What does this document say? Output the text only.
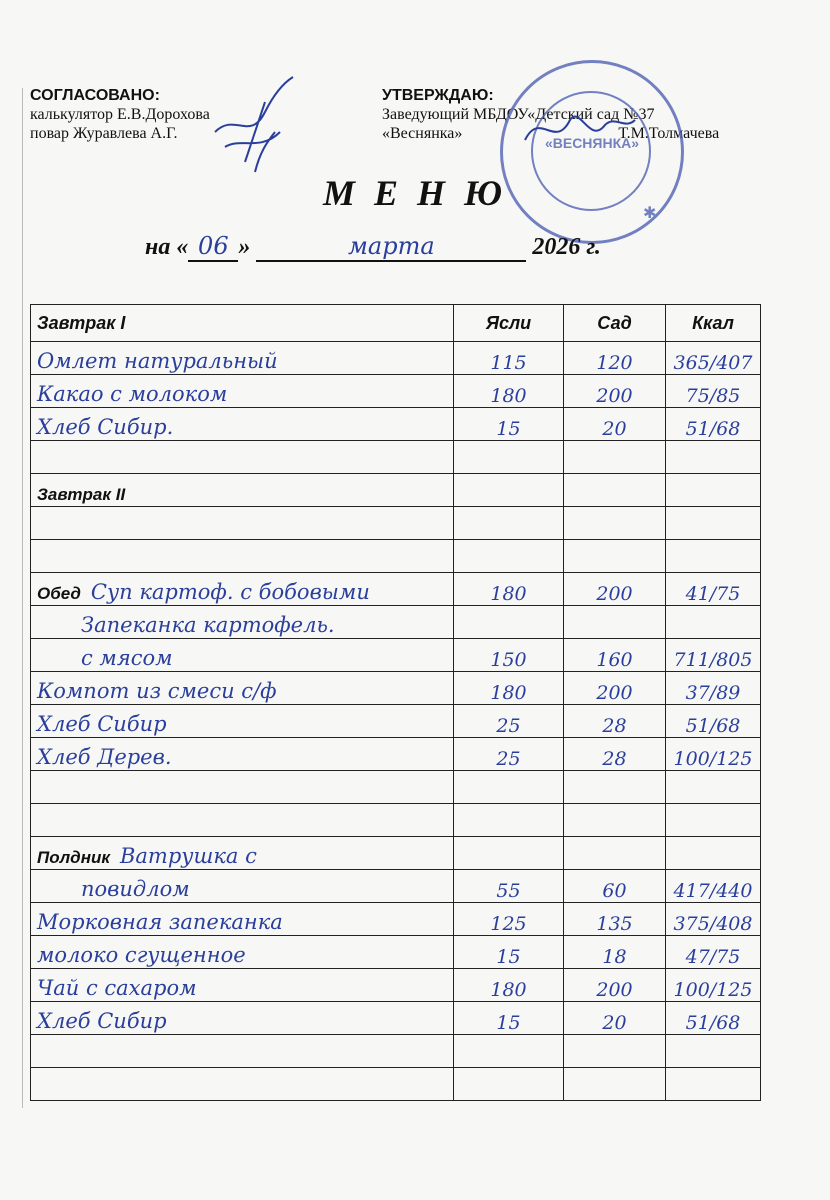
СОГЛАСОВАНО:
калькулятор Е.В.Дорохова
повар Журавлева А.Г.
УТВЕРЖДАЮ:
Заведующий МБДОУ«Детский сад №37
«Веснянка»	Т.М.Толмачева
«ВЕСНЯНКА»
✱
М Е Н Ю
на « 06 »	марта	2026 г.
Завтрак I	Ясли	Сад	Ккал
Омлет натуральный	115	120	365/407
Какао с молоком	180	200	75/85
Хлеб Сибир.	15	20	51/68

Завтрак II			

Обед Суп картоф. с бобовыми	180	200	41/75
Запеканка картофель.			
с мясом	150	160	711/805
Компот из смеси с/ф	180	200	37/89
Хлеб Сибир	25	28	51/68
Хлеб Дерев.	25	28	100/125

Полдник Ватрушка с			
повидлом	55	60	417/440
Морковная запеканка	125	135	375/408
молоко сгущенное	15	18	47/75
Чай с сахаром	180	200	100/125
Хлеб Сибир	15	20	51/68
